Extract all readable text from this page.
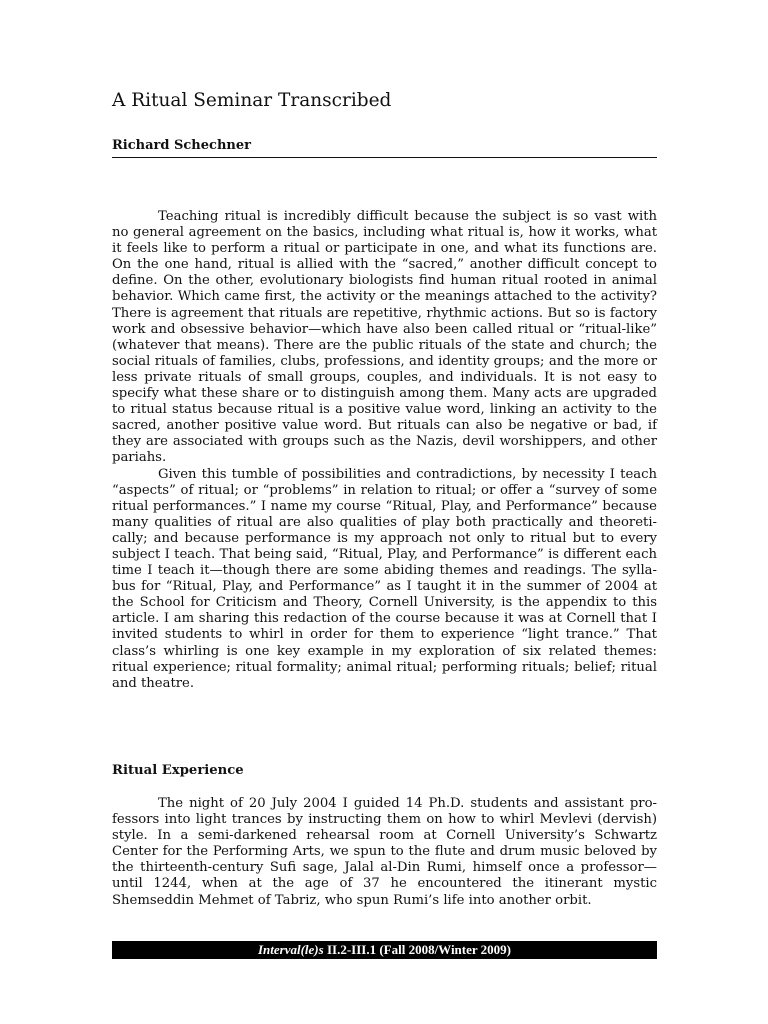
A Ritual Seminar Transcribed
Richard Schechner

Teaching ritual is incredibly difficult because the subject is so vast with no general agreement on the basics, including what ritual is, how it works, what it feels like to perform a ritual or participate in one, and what its functions are. On the one hand, ritual is allied with the “sacred,” another difficult concept to define. On the other, evolutionary biologists find human ritual rooted in animal behavior. Which came first, the activity or the meanings attached to the activity? There is agreement that rituals are repetitive, rhythmic actions. But so is factory work and obsessive behavior—which have also been called ritual or “ritual-like” (whatever that means). There are the public rituals of the state and church; the social rituals of families, clubs, professions, and identity groups; and the more or less private rituals of small groups, couples, and individuals. It is not easy to specify what these share or to distinguish among them. Many acts are upgraded to ritual status because ritual is a positive value word, linking an activity to the sacred, another positive value word. But rituals can also be negative or bad, if they are associated with groups such as the Nazis, devil worshippers, and other pariahs.

Given this tumble of possibilities and contradictions, by necessity I teach “aspects” of ritual; or “problems” in relation to ritual; or offer a “survey of some ritual performances.” I name my course “Ritual, Play, and Performance” because many qualities of ritual are also qualities of play both practically and theoreti-cally; and because performance is my approach not only to ritual but to every subject I teach. That being said, “Ritual, Play, and Performance” is different each time I teach it—though there are some abiding themes and readings. The sylla-bus for “Ritual, Play, and Performance” as I taught it in the summer of 2004 at the School for Criticism and Theory, Cornell University, is the appendix to this article. I am sharing this redaction of the course because it was at Cornell that I invited students to whirl in order for them to experience “light trance.” That class’s whirling is one key example in my exploration of six related themes: ritual experience; ritual formality; animal ritual; performing rituals; belief; ritual and theatre.

Ritual Experience

The night of 20 July 2004 I guided 14 Ph.D. students and assistant pro-fessors into light trances by instructing them on how to whirl Mevlevi (dervish) style. In a semi-darkened rehearsal room at Cornell University’s Schwartz Center for the Performing Arts, we spun to the flute and drum music beloved by the thirteenth-century Sufi sage, Jalal al-Din Rumi, himself once a professor—until 1244, when at the age of 37 he encountered the itinerant mystic Shemseddin Mehmet of Tabriz, who spun Rumi’s life into another orbit.

Interval(le)s II.2-III.1 (Fall 2008/Winter 2009)
